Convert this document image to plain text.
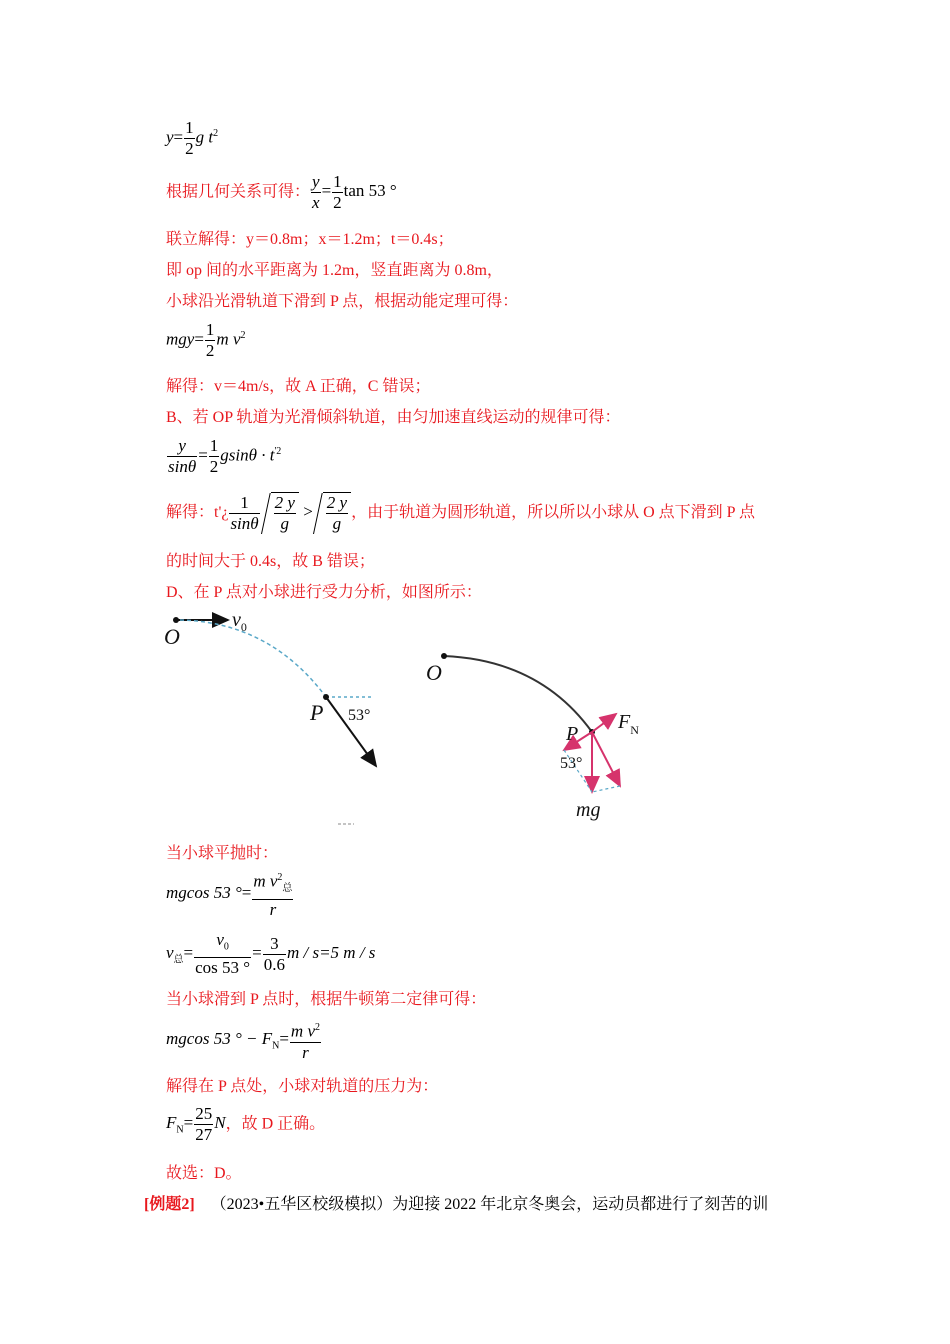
$y= \frac{1}{2}$ g $t^2$
根据几何关系可得： $\frac{y}{x} = \frac{1}{2}$ tan 53 °
联立解得：y＝0.8m；x＝1.2m；t＝0.4s；
即 op 间的水平距离为 1.2m，竖直距离为 0.8m，
小球沿光滑轨道下滑到 P 点，根据动能定理可得：
$mgy= \frac{1}{2}$ m $v^2$
解得：v＝4m/s，故 A 正确，C 错误；
B、若 OP 轨道为光滑倾斜轨道，由匀加速直线运动的规律可得：
$\frac{y}{\sin\theta} = \frac{1}{2}$ $gsin\theta \cdot t^{'2}$
解得：t'¿ $\frac{1}{\sin\theta} \frac{2 y}{g} > \frac{2 y}{g}$ ，由于轨道为圆形轨道，所以所以小球从 O 点下滑到 P 点
的时间大于 0.4s，故 B 错误；
D、在 P 点对小球进行受力分析，如图所示：
O
$v_0$
P 53°
O
P
$F_N$
53°
mg
当小球平抛时：
mgcos 53 °= $\frac{m v^2_总}{r}$
$v_总= \frac{v_0}{\cos 53 ^\circ} = \frac{3}{0.6}$ m / s=5 m / s
当小球滑到 P 点时，根据牛顿第二定律可得：
mgcos 53 ° − $F_N= \frac{m v^2}{r}$
解得在 P 点处，小球对轨道的压力为：
$F_N= \frac{25}{27}$ N，故 D 正确。
故选：D。
[例题2] （2023•五华区校级模拟）为迎接 2022 年北京冬奥会，运动员都进行了刻苦的训
